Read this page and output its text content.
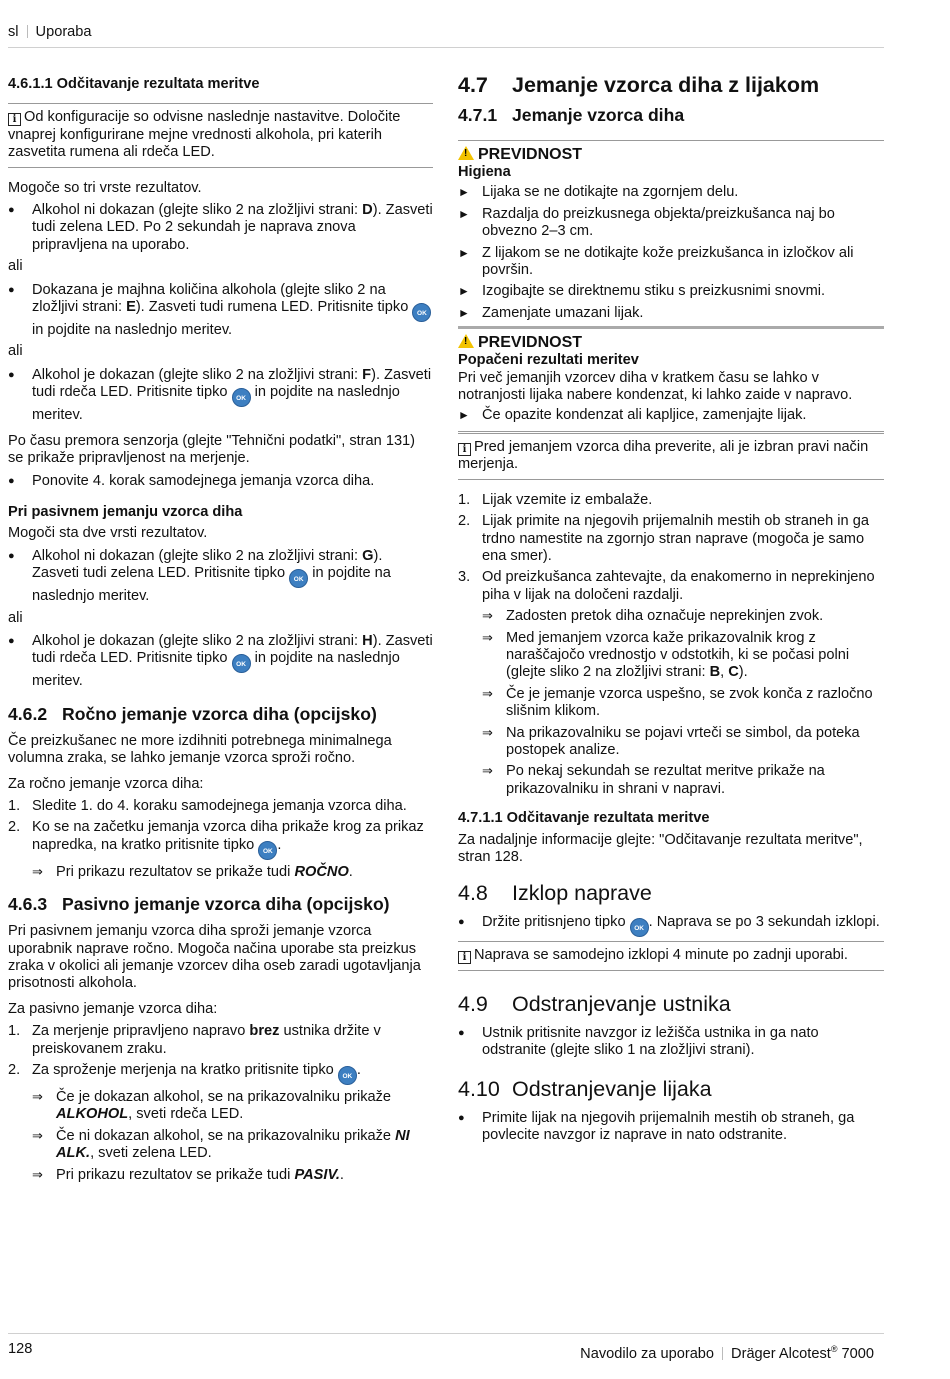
sl Uporaba
4.6.1.1 Odčitavanje rezultata meritve
i Od konfiguracije so odvisne naslednje nastavitve. Določite vnaprej konfigurirane mejne vrednosti alkohola, pri katerih zasvetita rumena ali rdeča LED.

Mogoče so tri vrste rezultatov.

● Alkohol ni dokazan (glejte sliko 2 na zložljivi strani: D). Zasveti tudi zelena LED. Po 2 sekundah je naprava znova pripravljena na uporabo.
ali
● Dokazana je majhna količina alkohola (glejte sliko 2 na zložljivi strani: E). Zasveti tudi rumena LED. Pritisnite tipko OK in pojdite na naslednjo meritev.
ali
● Alkohol je dokazan (glejte sliko 2 na zložljivi strani: F). Zasveti tudi rdeča LED. Pritisnite tipko OK in pojdite na naslednjo meritev.

Po času premora senzorja (glejte "Tehnični podatki", stran 131) se prikaže pripravljenost na merjenje.

● Ponovite 4. korak samodejnega jemanja vzorca diha.
Pri pasivnem jemanju vzorca diha

Mogoči sta dve vrsti rezultatov.

● Alkohol ni dokazan (glejte sliko 2 na zložljivi strani: G). Zasveti tudi zelena LED. Pritisnite tipko OK in pojdite na naslednjo meritev.
ali
● Alkohol je dokazan (glejte sliko 2 na zložljivi strani: H). Zasveti tudi rdeča LED. Pritisnite tipko OK in pojdite na naslednjo meritev.
4.6.2 Ročno jemanje vzorca diha (opcijsko)

Če preizkušanec ne more izdihniti potrebnega minimalnega volumna zraka, se lahko jemanje vzorca sproži ročno.

Za ročno jemanje vzorca diha:

1. Sledite 1. do 4. koraku samodejnega jemanja vzorca diha.
2. Ko se na začetku jemanja vzorca diha prikaže krog za prikaz napredka, na kratko pritisnite tipko OK .
⇒ Pri prikazu rezultatov se prikaže tudi ROČNO.
4.6.3 Pasivno jemanje vzorca diha (opcijsko)

Pri pasivnem jemanju vzorca diha sproži jemanje vzorca uporabnik naprave ročno. Mogoča načina uporabe sta preizkus zraka v okolici ali jemanje vzorcev diha oseb zaradi ugotavljanja prisotnosti alkohola.

Za pasivno jemanje vzorca diha:

1. Za merjenje pripravljeno napravo brez ustnika držite v preiskovanem zraku.
2. Za sproženje merjenja na kratko pritisnite tipko OK .
⇒ Če je dokazan alkohol, se na prikazovalniku prikaže ALKOHOL, sveti rdeča LED.
⇒ Če ni dokazan alkohol, se na prikazovalniku prikaže NI ALK., sveti zelena LED.
⇒ Pri prikazu rezultatov se prikaže tudi PASIV..
4.7 Jemanje vzorca diha z lijakom
4.7.1 Jemanje vzorca diha
!PREVIDNOST
Higiena
► Lijaka se ne dotikajte na zgornjem delu.
► Razdalja do preizkusnega objekta/preizkušanca naj bo obvezno 2–3 cm.
► Z lijakom se ne dotikajte kože preizkušanca in izločkov ali površin.
► Izogibajte se direktnemu stiku s preizkusnimi snovmi.
► Zamenjate umazani lijak.
!PREVIDNOST
Popačeni rezultati meritev

Pri več jemanjih vzorcev diha v kratkem času se lahko v notranjosti lijaka nabere kondenzat, ki lahko zaide v napravo.

► Če opazite kondenzat ali kapljice, zamenjajte lijak.
i Pred jemanjem vzorca diha preverite, ali je izbran pravi način merjenja.
1. Lijak vzemite iz embalaže.
2. Lijak primite na njegovih prijemalnih mestih ob straneh in ga trdno namestite na zgornjo stran naprave (mogoča je samo ena smer).
3. Od preizkušanca zahtevajte, da enakomerno in neprekinjeno piha v lijak na določeni razdalji.
⇒ Zadosten pretok diha označuje neprekinjen zvok.
⇒ Med jemanjem vzorca kaže prikazovalnik krog z naraščajočo vrednostjo v odstotkih, ki se počasi polni (glejte sliko 2 na zložljivi strani: B, C).
⇒ Če je jemanje vzorca uspešno, se zvok konča z razločno slišnim klikom.
⇒ Na prikazovalniku se pojavi vrteči se simbol, da poteka postopek analize.
⇒ Po nekaj sekundah se rezultat meritve prikaže na prikazovalniku in shrani v napravi.
4.7.1.1 Odčitavanje rezultata meritve

Za nadaljnje informacije glejte: "Odčitavanje rezultata meritve", stran 128.

4.8 Izklop naprave
● Držite pritisnjeno tipko OK . Naprava se po 3 sekundah izklopi.
i Naprava se samodejno izklopi 4 minute po zadnji uporabi.
4.9 Odstranjevanje ustnika
● Ustnik pritisnite navzgor iz ležišča ustnika in ga nato odstranite (glejte sliko 1 na zložljivi strani).
4.10 Odstranjevanje lijaka
● Primite lijak na njegovih prijemalnih mestih ob straneh, ga povlecite navzgor iz naprave in nato odstranite.
128	Navodilo za uporabo Dräger Alcotest® 7000
